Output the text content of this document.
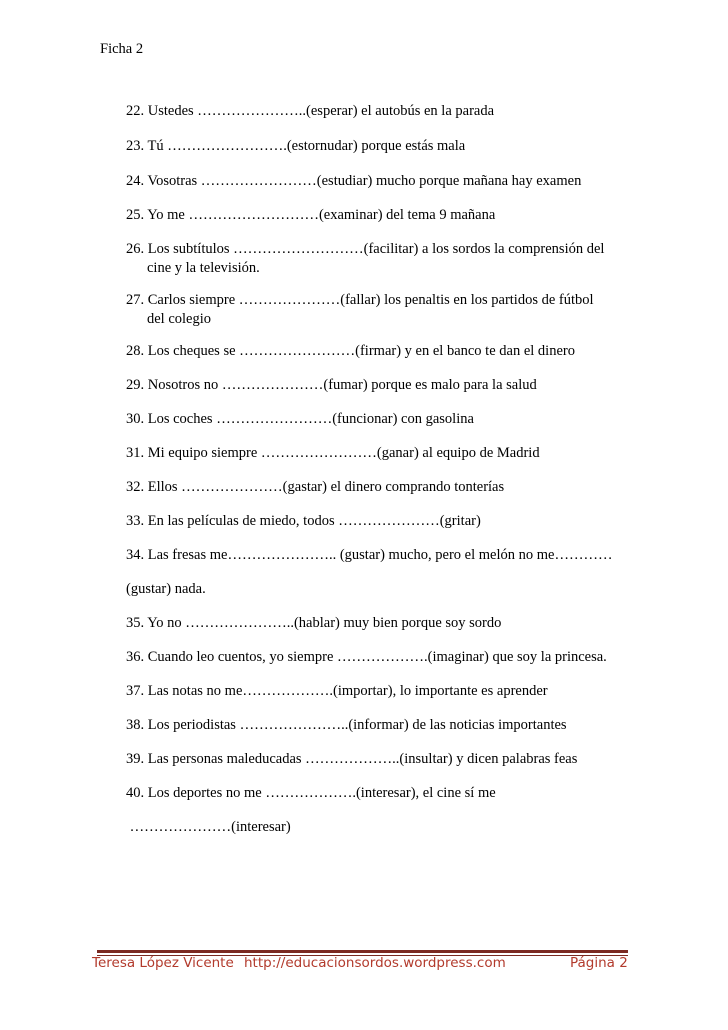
Ficha 2
22. Ustedes …………………..(esperar) el autobús en la parada
23. Tú …………………….(estornudar) porque estás mala
24. Vosotras ……………………(estudiar) mucho porque mañana hay examen
25. Yo me ………………………(examinar) del tema 9 mañana
26. Los subtítulos ………………………(facilitar) a los sordos la comprensión del
cine y la televisión.
27. Carlos siempre …………………(fallar) los penaltis en los partidos de fútbol
del colegio
28. Los cheques se ……………………(firmar) y en el banco te dan el dinero
29. Nosotros no …………………(fumar) porque es malo para la salud
30. Los coches ……………………(funcionar) con gasolina
31. Mi equipo siempre ……………………(ganar) al equipo de Madrid
32. Ellos …………………(gastar) el dinero comprando tonterías
33. En las películas de miedo, todos …………………(gritar)
34. Las fresas me………………….. (gustar) mucho, pero el melón no me…………
(gustar) nada.
35. Yo no …………………..(hablar) muy bien porque soy sordo
36. Cuando leo cuentos, yo siempre ……………….(imaginar) que soy la princesa.
37. Las notas no me……………….(importar), lo importante es aprender
38. Los periodistas …………………..(informar) de las noticias importantes
39. Las personas maleducadas ………………..(insultar) y dicen palabras feas
40. Los deportes no me ……………….(interesar), el cine sí me
…………………(interesar)
Teresa López Vicente http://educacionsordos.wordpress.com	Página 2
